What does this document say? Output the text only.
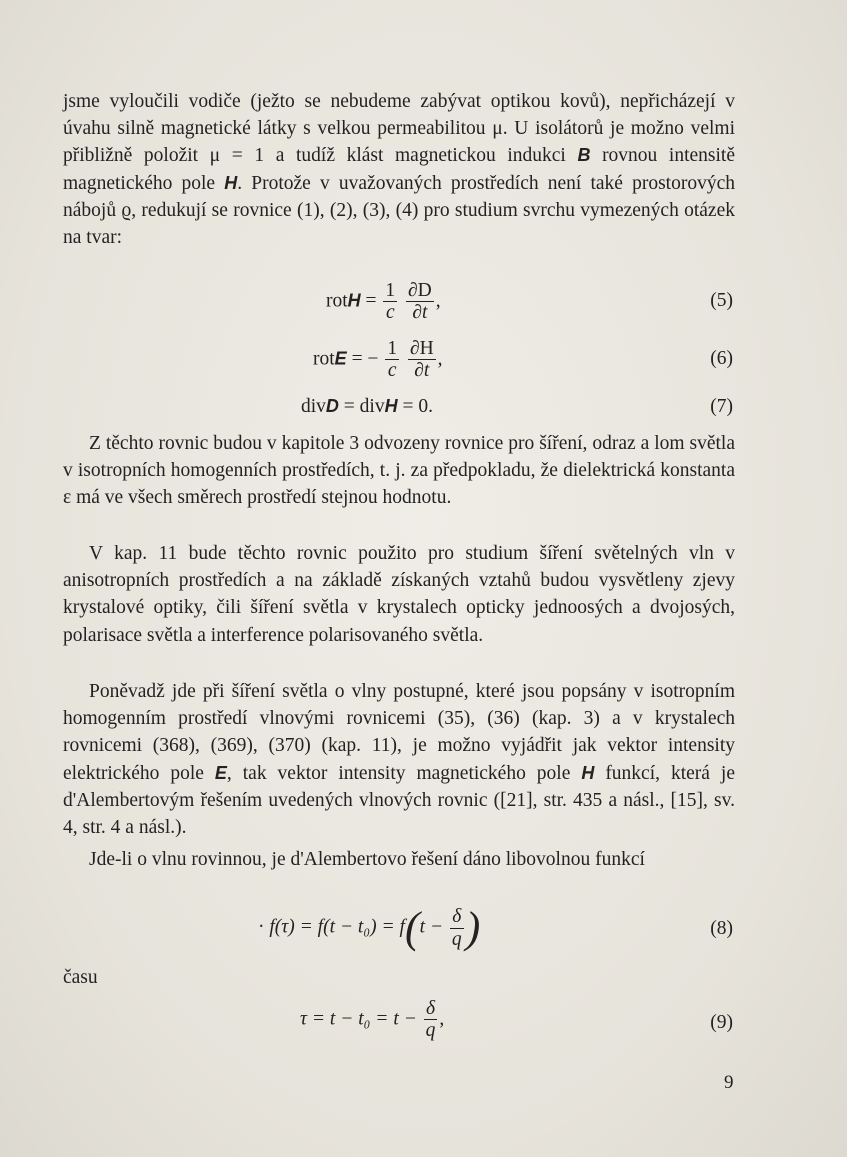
jsme vyloučili vodiče (ježto se nebudeme zabývat optikou kovů), nepřicházejí v úvahu silně magnetické látky s velkou permeabilitou μ. U isolátorů je možno velmi přibližně položit μ = 1 a tudíž klást magnetickou indukci B rovnou intensitě magnetického pole H. Protože v uvažovaných prostředích není také prostorových nábojů ϱ, redukují se rovnice (1), (2), (3), (4) pro studium svrchu vymezených otázek na tvar:

rotH = $\frac{1}{c}$
$\frac{\partial D}{\partial t}$ ,	(5)
rotE = − $\frac{1}{c}$
$\frac{\partial H}{\partial t}$ ,	(6)
divD = divH = 0.	(7)

Z těchto rovnic budou v kapitole 3 odvozeny rovnice pro šíření, odraz a lom světla v isotropních homogenních prostředích, t. j. za předpokladu, že dielektrická konstanta ε má ve všech směrech prostředí stejnou hodnotu.

V kap. 11 bude těchto rovnic použito pro studium šíření světelných vln v anisotropních prostředích a na základě získaných vztahů budou vysvětleny zjevy krystalové optiky, čili šíření světla v krystalech opticky jednoosých a dvojosých, polarisace světla a interference polarisovaného světla.

Poněvadž jde při šíření světla o vlny postupné, které jsou popsány v isotropním homogenním prostředí vlnovými rovnicemi (35), (36) (kap. 3) a v krystalech rovnicemi (368), (369), (370) (kap. 11), je možno vyjádřit jak vektor intensity elektrického pole E, tak vektor intensity magnetického pole H funkcí, která je d'Alembertovým řešením uvedených vlnových rovnic ([21], str. 435 a násl., [15], sv. 4, str. 4 a násl.).

Jde-li o vlnu rovinnou, je d'Alembertovo řešení dáno libovolnou funkcí

· $f(\tau) = f(t - t_0) = f(t - \frac{\delta}{q}$ )	(8)

času

$\tau = t - t_0 = t - \frac{\delta}{q}$ ,	(9)
9
